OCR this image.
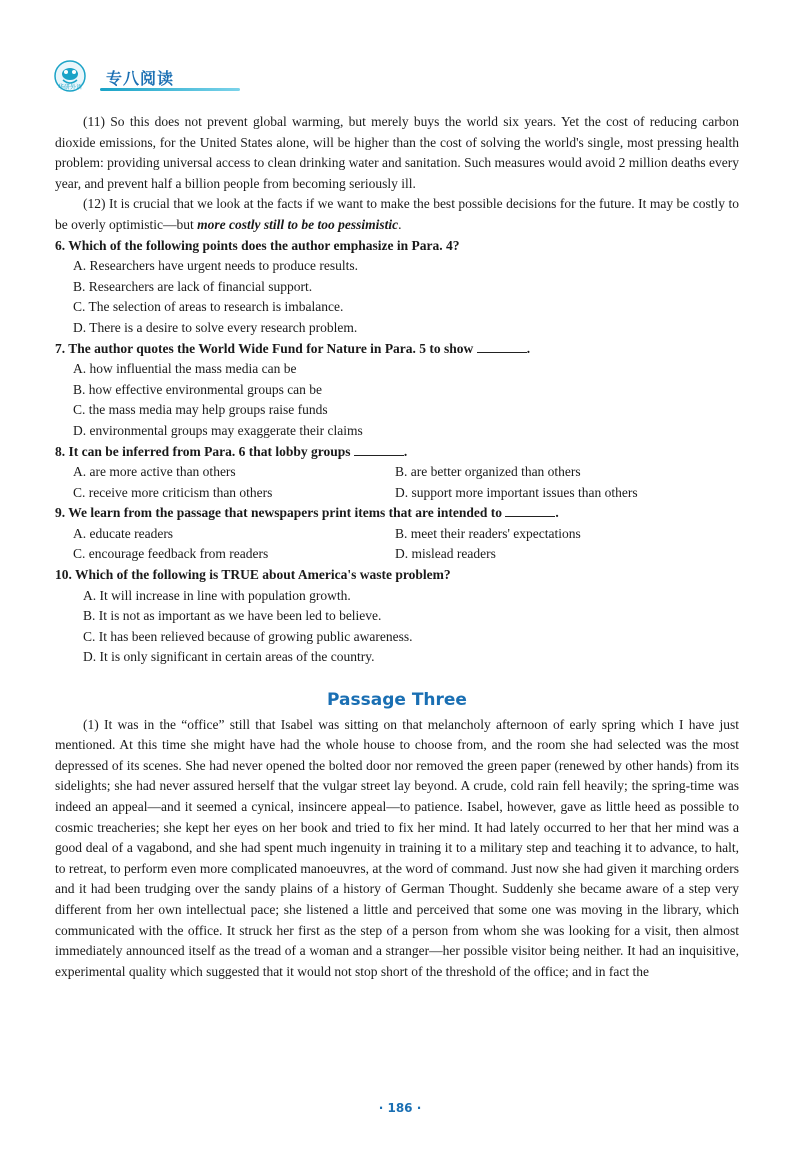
华研外语	专八阅读

(11) So this does not prevent global warming, but merely buys the world six years. Yet the cost of reducing carbon dioxide emissions, for the United States alone, will be higher than the cost of solving the world's single, most pressing health problem: providing universal access to clean drinking water and sanitation. Such measures would avoid 2 million deaths every year, and prevent half a billion people from becoming seriously ill.

(12) It is crucial that we look at the facts if we want to make the best possible decisions for the future. It may be costly to be overly optimistic—but more costly still to be too pessimistic.

6. Which of the following points does the author emphasize in Para. 4?

A. Researchers have urgent needs to produce results.

B. Researchers are lack of financial support.

C. The selection of areas to research is imbalance.

D. There is a desire to solve every research problem.

7. The author quotes the World Wide Fund for Nature in Para. 5 to show	.

A. how influential the mass media can be

B. how effective environmental groups can be

C. the mass media may help groups raise funds

D. environmental groups may exaggerate their claims

8. It can be inferred from Para. 6 that lobby groups	.

A. are more active than others	B. are better organized than others
C. receive more criticism than others	D. support more important issues than others

9. We learn from the passage that newspapers print items that are intended to	.

A. educate readers	B. meet their readers' expectations
C. encourage feedback from readers	D. mislead readers

10. Which of the following is TRUE about America's waste problem?

A. It will increase in line with population growth.

B. It is not as important as we have been led to believe.

C. It has been relieved because of growing public awareness.

D. It is only significant in certain areas of the country.

Passage Three

(1) It was in the “office” still that Isabel was sitting on that melancholy afternoon of early spring which I have just mentioned. At this time she might have had the whole house to choose from, and the room she had selected was the most depressed of its scenes. She had never opened the bolted door nor removed the green paper (renewed by other hands) from its sidelights; she had never assured herself that the vulgar street lay beyond. A crude, cold rain fell heavily; the spring-time was indeed an appeal—and it seemed a cynical, insincere appeal—to patience. Isabel, however, gave as little heed as possible to cosmic treacheries; she kept her eyes on her book and tried to fix her mind. It had lately occurred to her that her mind was a good deal of a vagabond, and she had spent much ingenuity in training it to a military step and teaching it to advance, to halt, to retreat, to perform even more complicated manoeuvres, at the word of command. Just now she had given it marching orders and it had been trudging over the sandy plains of a history of German Thought. Suddenly she became aware of a step very different from her own intellectual pace; she listened a little and perceived that some one was moving in the library, which communicated with the office. It struck her first as the step of a person from whom she was looking for a visit, then almost immediately announced itself as the tread of a woman and a stranger—her possible visitor being neither. It had an inquisitive, experimental quality which suggested that it would not stop short of the threshold of the office; and in fact the

· 186 ·
